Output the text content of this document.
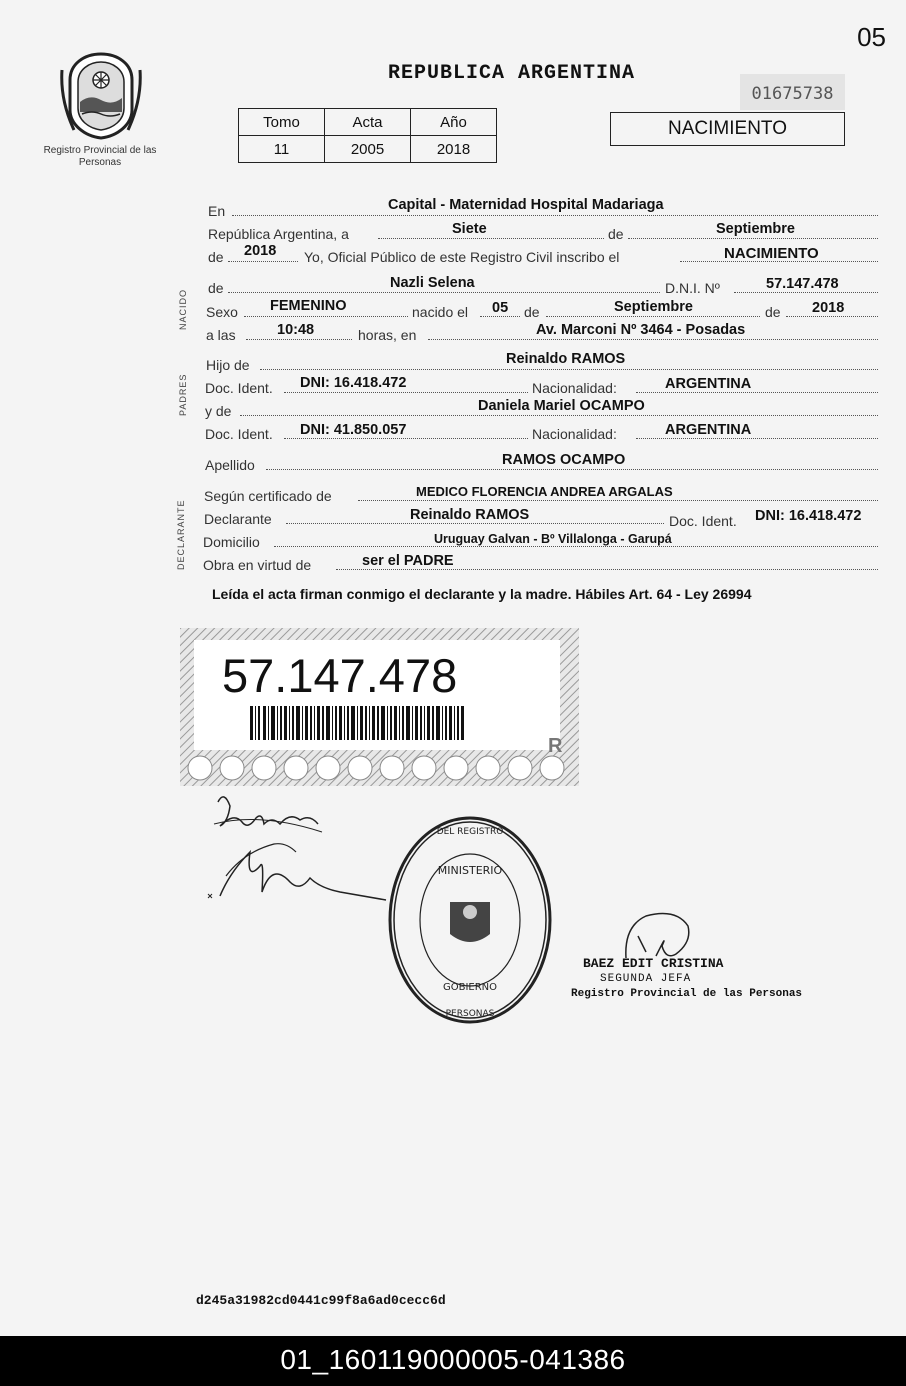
05
Registro Provincial de las Personas
REPUBLICA ARGENTINA
01675738
NACIMIENTO
Tomo	Acta	Año
11	2005	2018
NACIDO
PADRES
DECLARANTE
En	Capital - Maternidad Hospital Madariaga
República Argentina, a	Siete	de	Septiembre
de 2018 Yo, Oficial Público de este Registro Civil inscribo el	NACIMIENTO
de	Nazli Selena	D.N.I. Nº	57.147.478
Sexo FEMENINO	nacido el 05 de	Septiembre	de 2018
a las	10:48	horas, en	Av. Marconi Nº 3464 - Posadas
Hijo de	Reinaldo RAMOS
Doc. Ident. DNI: 16.418.472	Nacionalidad:	ARGENTINA
y de	Daniela Mariel OCAMPO
Doc. Ident. DNI: 41.850.057	Nacionalidad:	ARGENTINA
Apellido	RAMOS OCAMPO
Según certificado de	MEDICO FLORENCIA ANDREA ARGALAS
Declarante	Reinaldo RAMOS	Doc. Ident. DNI: 16.418.472
Domicilio	Uruguay Galvan - Bº Villalonga - Garupá
Obra en virtud de	ser el PADRE
Leída el acta firman conmigo el declarante y la madre. Hábiles Art. 64 - Ley 26994
R
57.147.478
MINISTERIO
GOBIERNO
DEL REGISTRO
PERSONAS
BAEZ EDIT CRISTINA
SEGUNDA JEFA
Registro Provincial de las Personas
d245a31982cd0441c99f8a6ad0cecc6d
01_160119000005-041386
